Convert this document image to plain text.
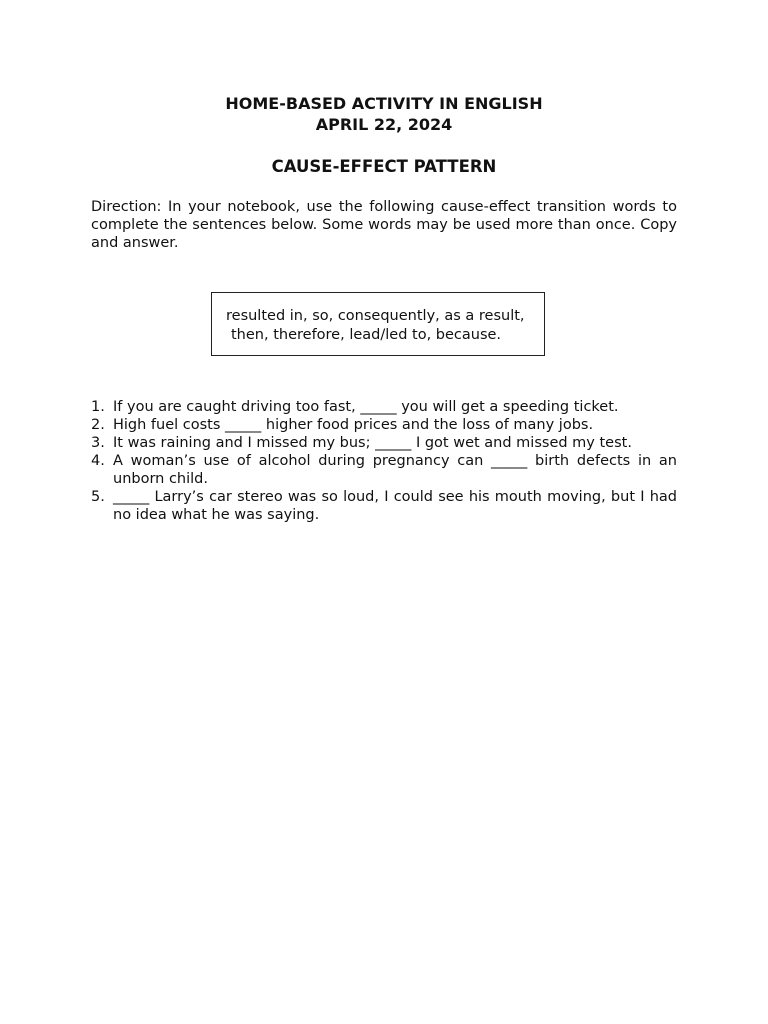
HOME-BASED ACTIVITY IN ENGLISH
APRIL 22, 2024
CAUSE-EFFECT PATTERN

Direction: In your notebook, use the following cause-effect transition words to complete the sentences below. Some words may be used more than once. Copy and answer.

resulted in, so, consequently, as a result,
then, therefore, lead/led to, because.
1. If you are caught driving too fast, _____ you will get a speeding ticket.
2. High fuel costs _____ higher food prices and the loss of many jobs.
3. It was raining and I missed my bus; _____ I got wet and missed my test.
4. A woman’s use of alcohol during pregnancy can _____ birth defects in an unborn child.
5. _____ Larry’s car stereo was so loud, I could see his mouth moving, but I had no idea what he was saying.
